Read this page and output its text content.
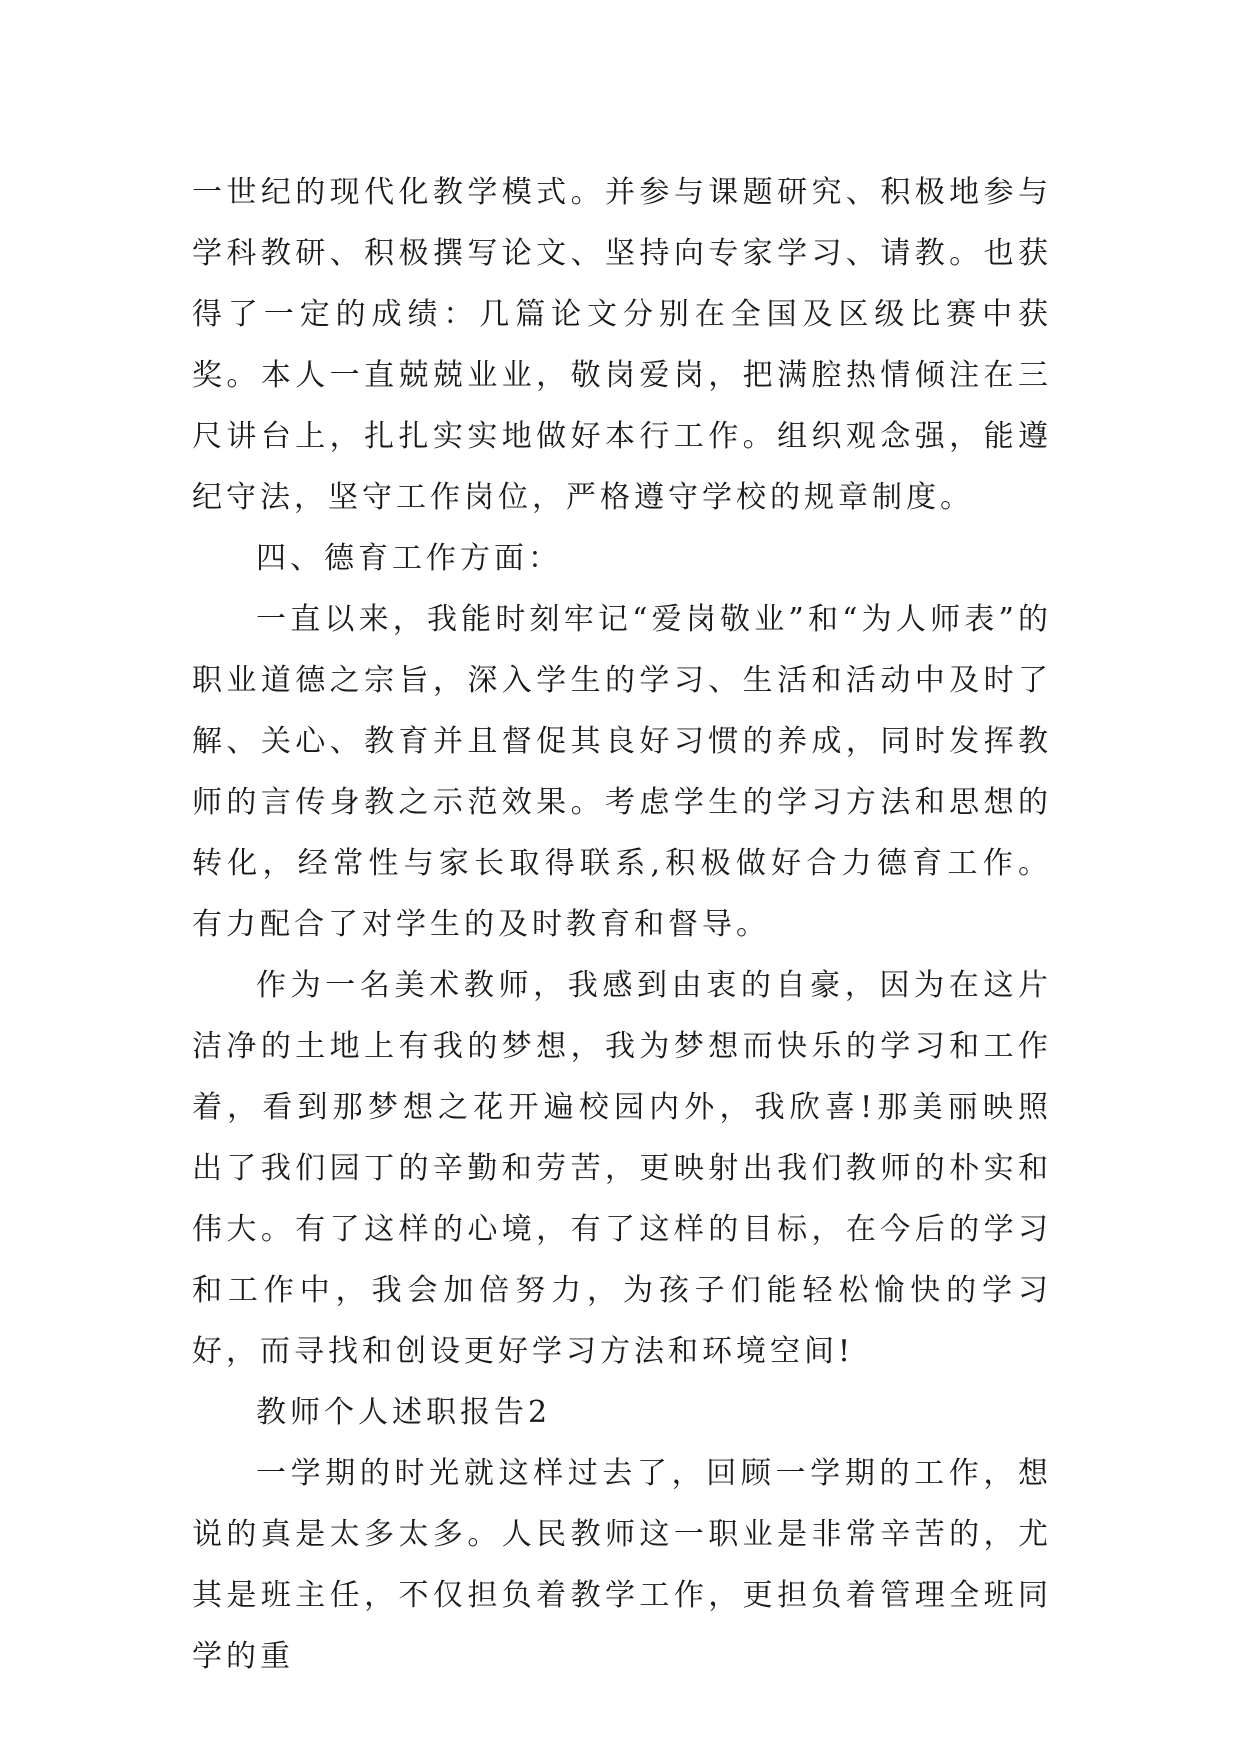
一世纪的现代化教学模式。并参与课题研究、积极地参与学科教研、积极撰写论文、坚持向专家学习、请教。也获得了一定的成绩：几篇论文分别在全国及区级比赛中获奖。本人一直兢兢业业，敬岗爱岗，把满腔热情倾注在三尺讲台上，扎扎实实地做好本行工作。组织观念强，能遵纪守法，坚守工作岗位，严格遵守学校的规章制度。

四、德育工作方面：

一直以来，我能时刻牢记“爱岗敬业”和“为人师表”的职业道德之宗旨，深入学生的学习、生活和活动中及时了解、关心、教育并且督促其良好习惯的养成，同时发挥教师的言传身教之示范效果。考虑学生的学习方法和思想的转化，经常性与家长取得联系,积极做好合力德育工作。有力配合了对学生的及时教育和督导。

作为一名美术教师，我感到由衷的自豪，因为在这片洁净的土地上有我的梦想，我为梦想而快乐的学习和工作着，看到那梦想之花开遍校园内外，我欣喜!那美丽映照出了我们园丁的辛勤和劳苦，更映射出我们教师的朴实和伟大。有了这样的心境，有了这样的目标，在今后的学习和工作中，我会加倍努力，为孩子们能轻松愉快的学习好，而寻找和创设更好学习方法和环境空间!

教师个人述职报告2

一学期的时光就这样过去了，回顾一学期的工作，想说的真是太多太多。人民教师这一职业是非常辛苦的，尤其是班主任，不仅担负着教学工作，更担负着管理全班同学的重
